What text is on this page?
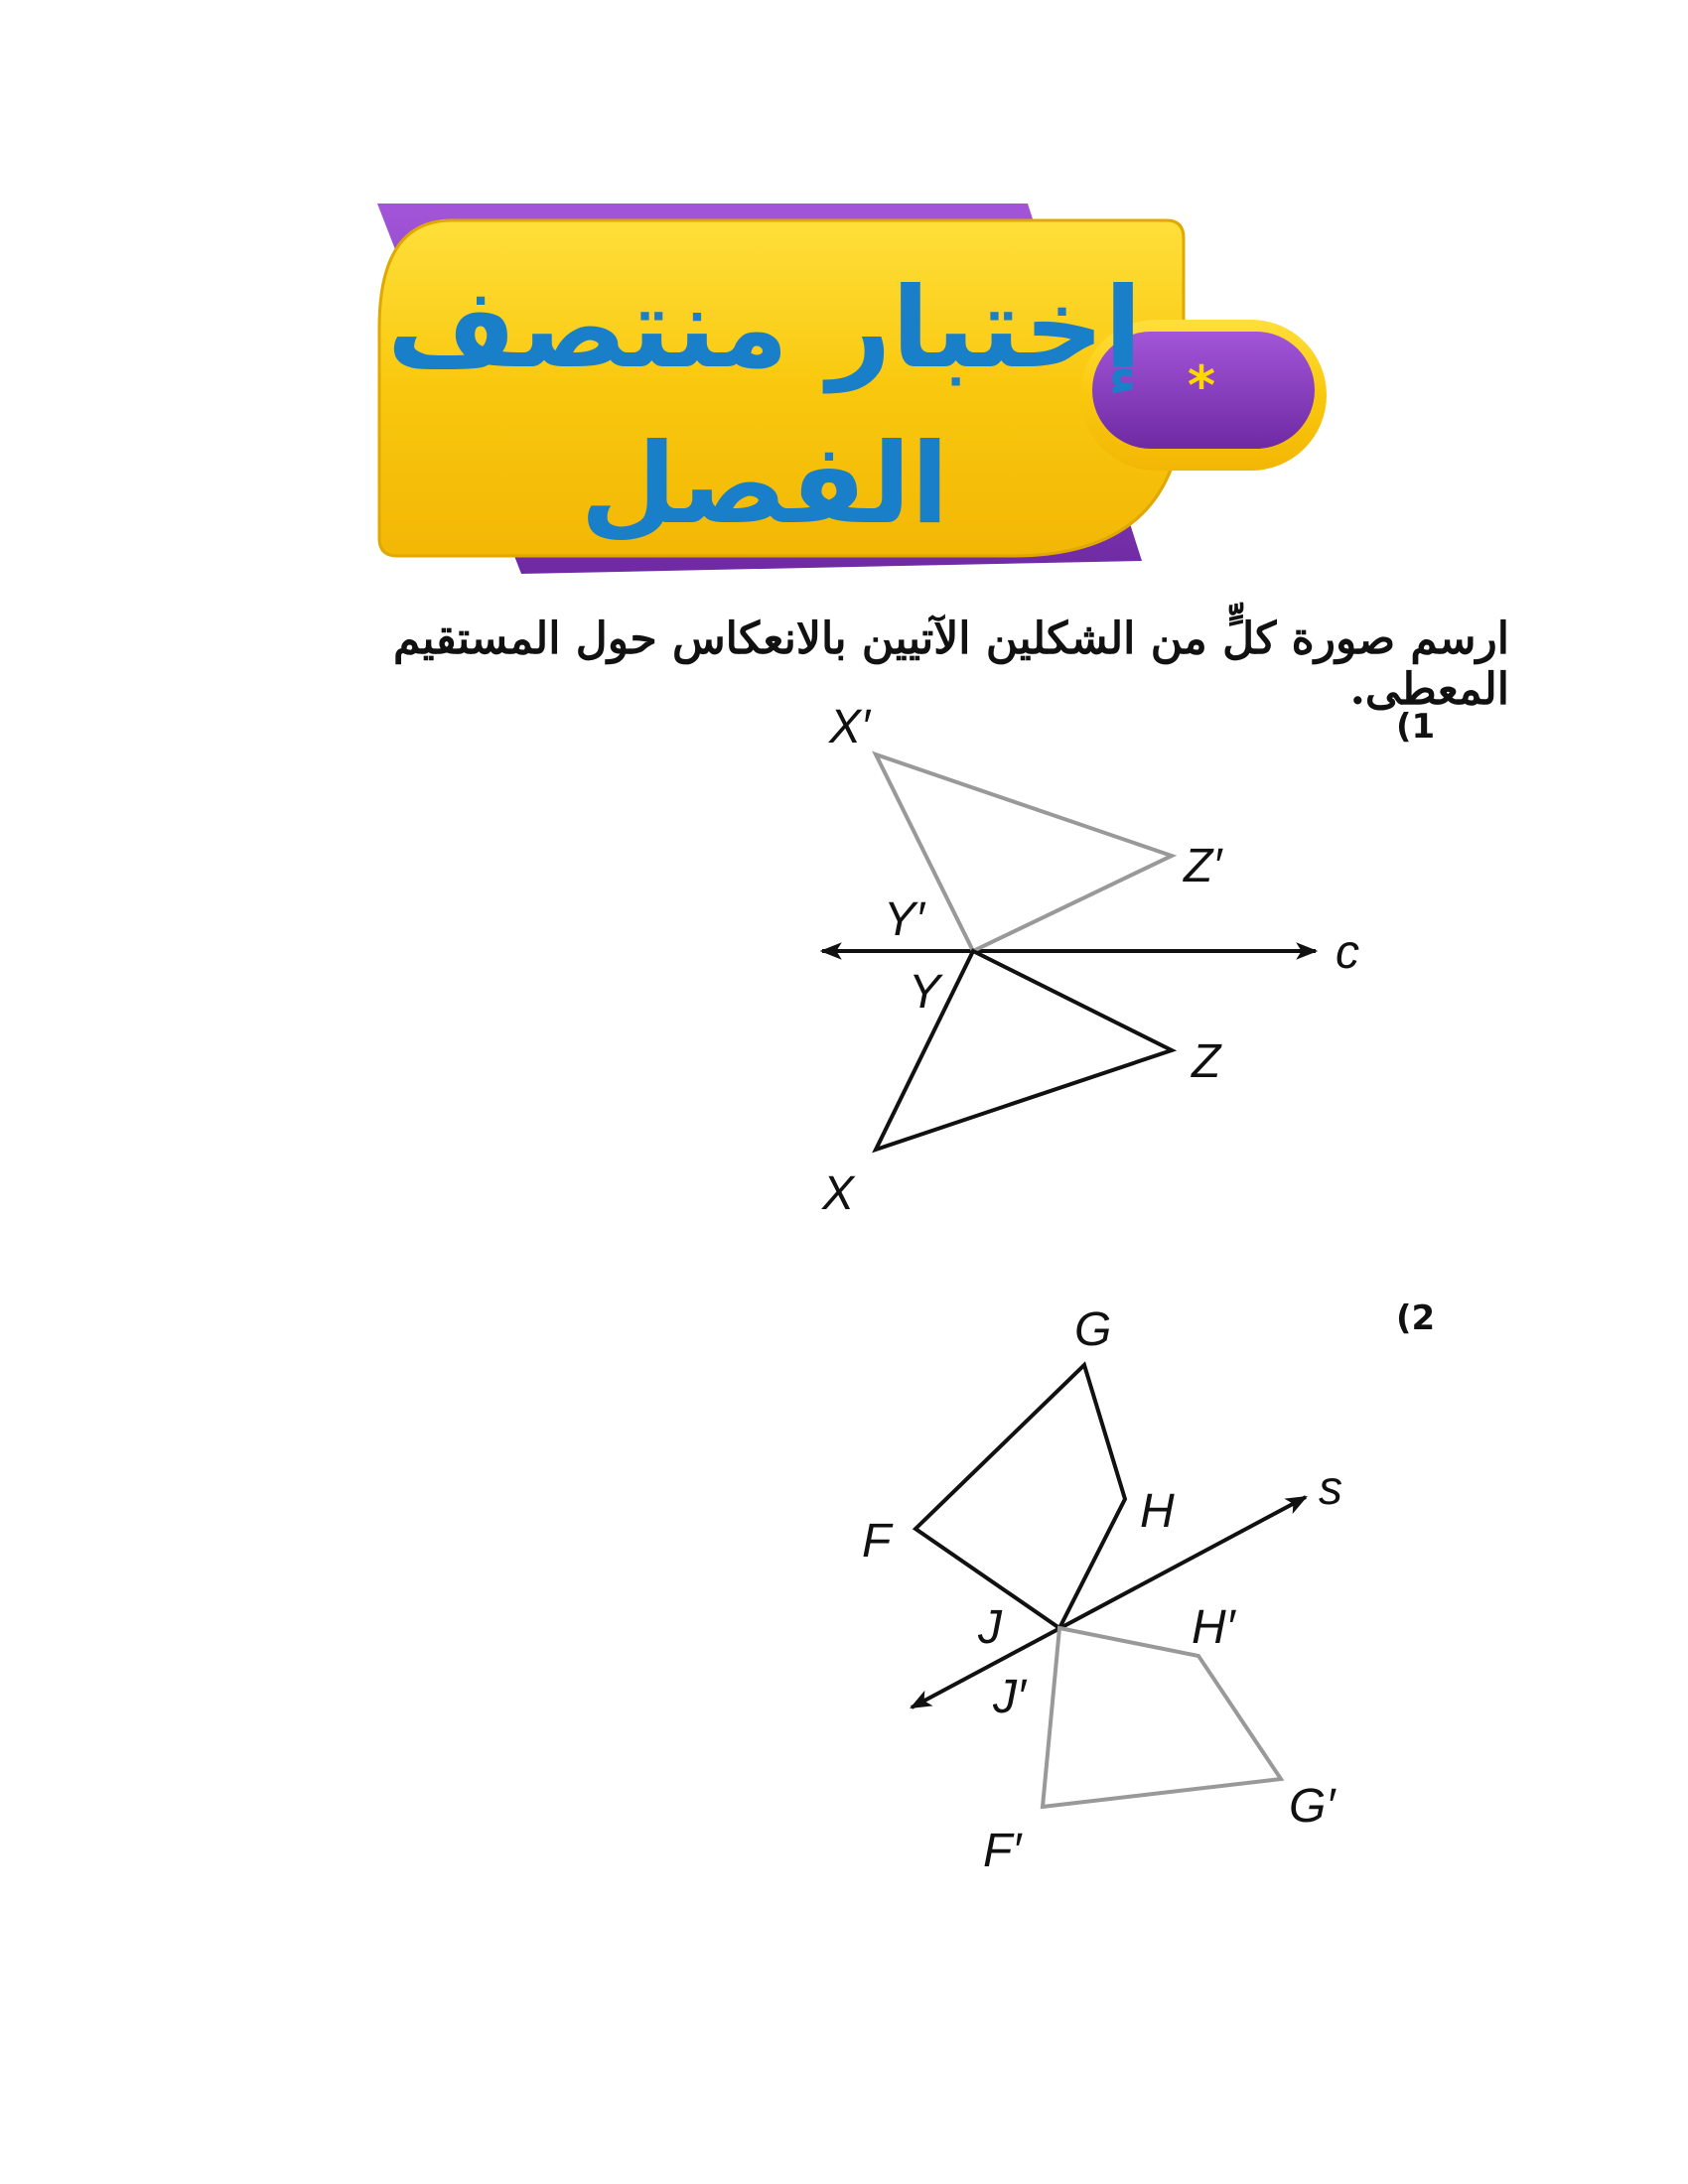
إختبار منتصف
الفصل
*
ارسم صورة كلٍّ من الشكلين الآتيين بالانعكاس حول المستقيم المعطى.
(1
(2
X′
Z′
Y′
Y
Z
X
c
G
H
F
s
J	H′
J′
G′
F′
